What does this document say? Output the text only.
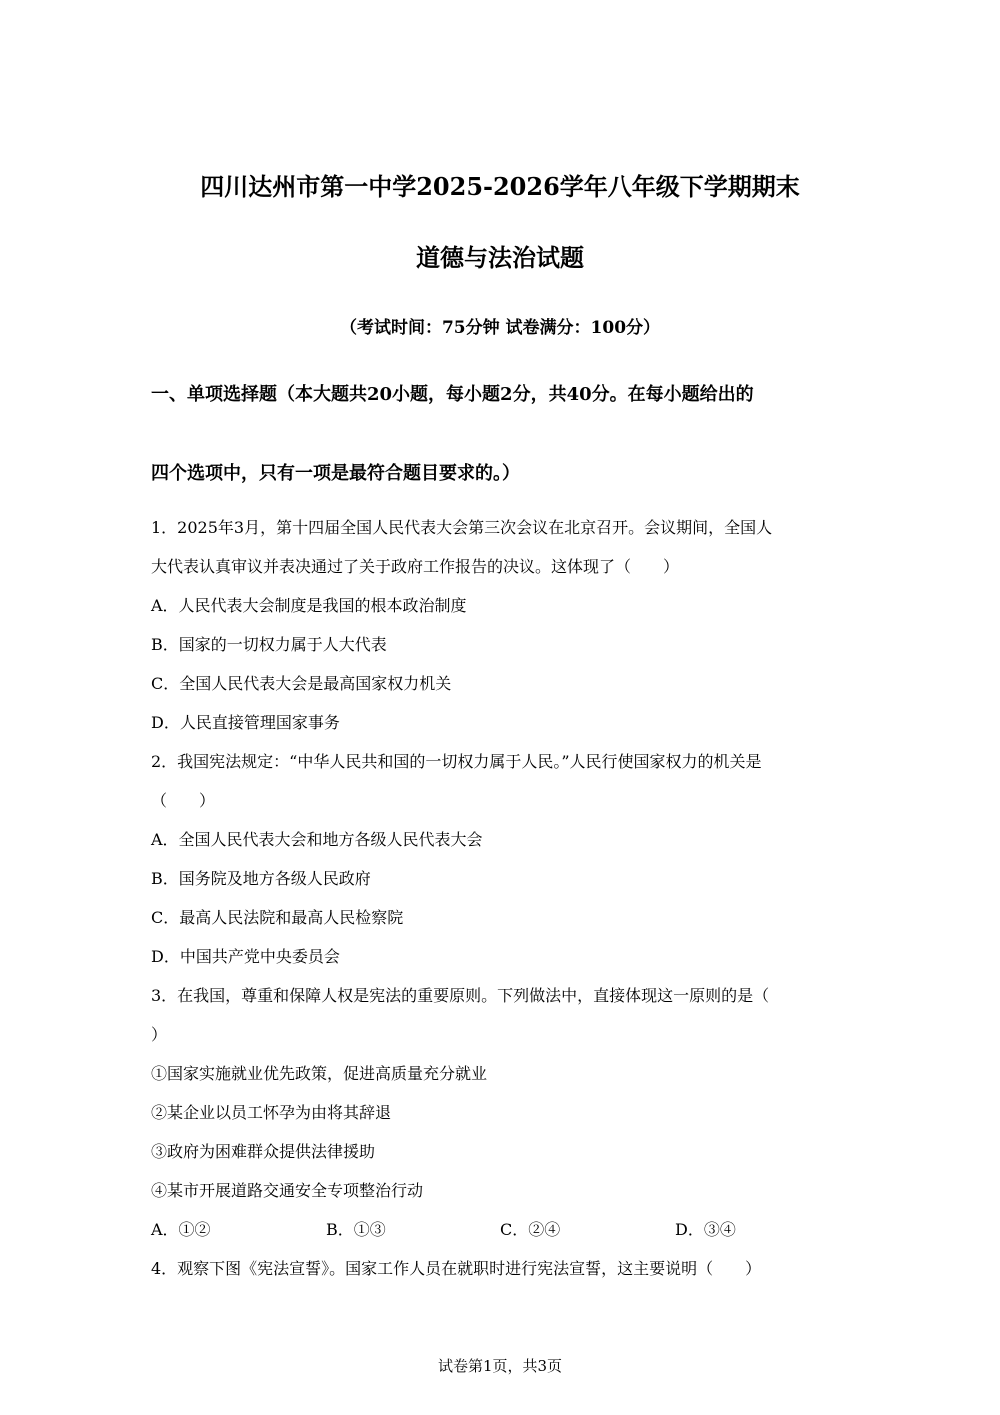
四川达州市第一中学2025-2026学年八年级下学期期末
道德与法治试题
（考试时间：75分钟 试卷满分：100分）
一、单项选择题（本大题共20小题，每小题2分，共40分。在每小题给出的
四个选项中，只有一项是最符合题目要求的。）
1．2025年3月，第十四届全国人民代表大会第三次会议在北京召开。会议期间，全国人
大代表认真审议并表决通过了关于政府工作报告的决议。这体现了（　　）
A．人民代表大会制度是我国的根本政治制度
B．国家的一切权力属于人大代表
C．全国人民代表大会是最高国家权力机关
D．人民直接管理国家事务
2．我国宪法规定：“中华人民共和国的一切权力属于人民。”人民行使国家权力的机关是
（　　）
A．全国人民代表大会和地方各级人民代表大会
B．国务院及地方各级人民政府
C．最高人民法院和最高人民检察院
D．中国共产党中央委员会
3．在我国，尊重和保障人权是宪法的重要原则。下列做法中，直接体现这一原则的是（
）
①国家实施就业优先政策，促进高质量充分就业
②某企业以员工怀孕为由将其辞退
③政府为困难群众提供法律援助
④某市开展道路交通安全专项整治行动
A．①②	B．①③	C．②④	D．③④
4．观察下图《宪法宣誓》。国家工作人员在就职时进行宪法宣誓，这主要说明（　　）
试卷第1页，共3页
